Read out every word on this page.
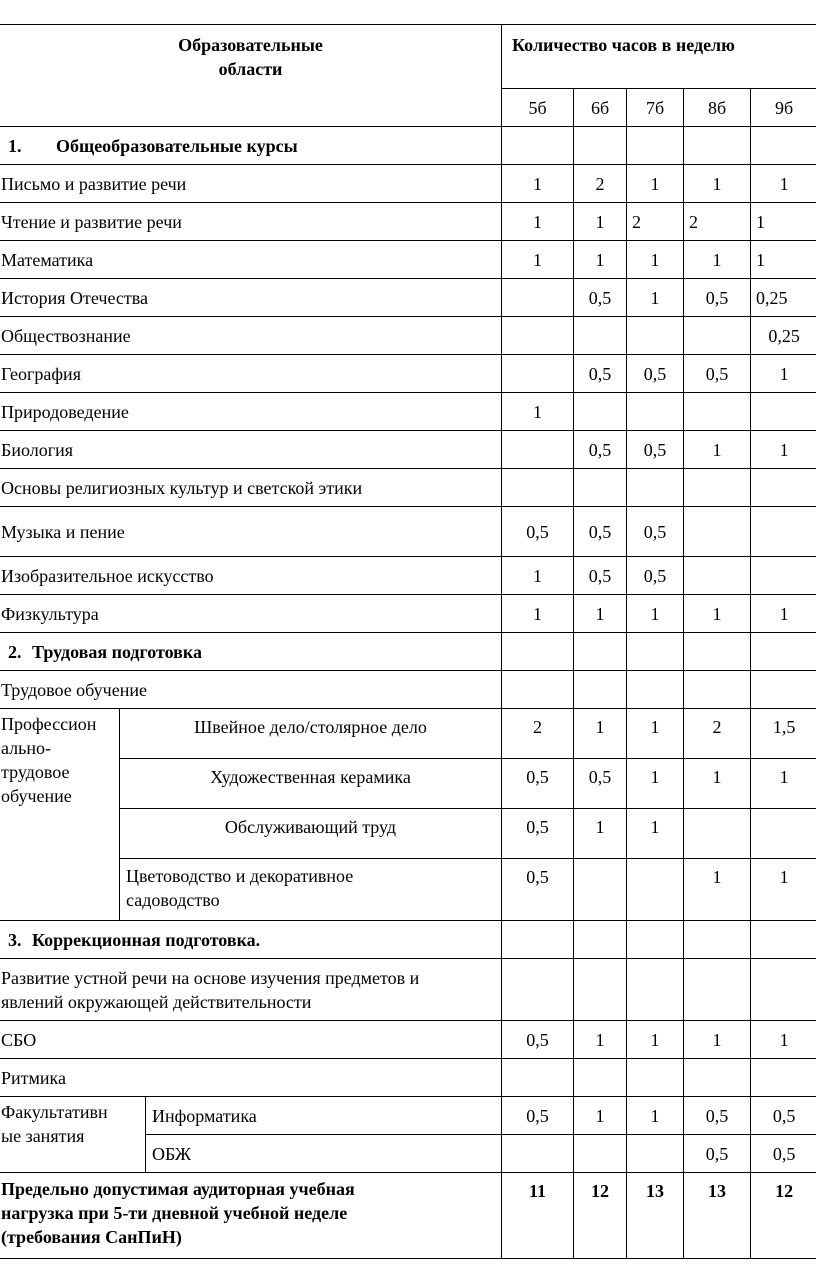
Образовательные
области			Количество часов в неделю				
			5б	6б	7б	8б	9б
1. Общеобразовательные курсы							
Письмо и развитие речи			1	2	1	1	1
Чтение и развитие речи			1	1	2	2	1
Математика			1	1	1	1	1
История Отечества				0,5	1	0,5	0,25
Обществознание							0,25
География				0,5	0,5	0,5	1
Природоведение			1				
Биология				0,5	0,5	1	1
Основы религиозных культур и светской этики							
Музыка и пение			0,5	0,5	0,5		
Изобразительное искусство			1	0,5	0,5		
Физкультура			1	1	1	1	1
2. Трудовая подготовка							
Трудовое обучение							

Профессион
ально-
трудовое
обучение	Швейное дело/столярное дело		2	1	1	2	1,5
	Художественная керамика		0,5	0,5	1	1	1
	Обслуживающий труд		0,5	1	1		

	Цветоводство и декоративное
садоводство		0,5			1	1
3. Коррекционная подготовка.							

Развитие устной речи на основе изучения предметов и
явлений окружающей действительности							

СБО			0,5	1	1	1	1
Ритмика							

Факультативн
ые занятия		Информатика	0,5	1	1	0,5	0,5
		ОБЖ				0,5	0,5

Предельно допустимая аудиторная учебная
нагрузка при 5-ти дневной учебной неделе
(требования СанПиН)			11	12	13	13	12
